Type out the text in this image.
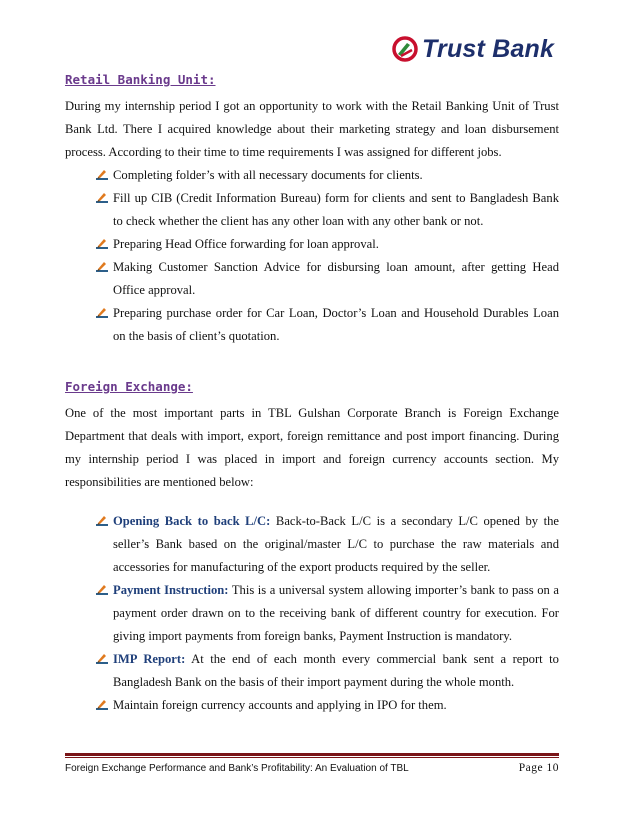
Trust Bank
Retail Banking Unit:
During my internship period I got an opportunity to work with the Retail Banking Unit of Trust Bank Ltd. There I acquired knowledge about their marketing strategy and loan disbursement process. According to their time to time requirements I was assigned for different jobs.
Completing folder’s with all necessary documents for clients.
Fill up CIB (Credit Information Bureau) form for clients and sent to Bangladesh Bank to check whether the client has any other loan with any other bank or not.
Preparing Head Office forwarding for loan approval.
Making Customer Sanction Advice for disbursing loan amount, after getting Head Office approval.
Preparing purchase order for Car Loan, Doctor’s Loan and Household Durables Loan on the basis of client’s quotation.
Foreign Exchange:
One of the most important parts in TBL Gulshan Corporate Branch is Foreign Exchange Department that deals with import, export, foreign remittance and post import financing. During my internship period I was placed in import and foreign currency accounts section. My responsibilities are mentioned below:
Opening Back to back L/C: Back-to-Back L/C is a secondary L/C opened by the seller’s Bank based on the original/master L/C to purchase the raw materials and accessories for manufacturing of the export products required by the seller.
Payment Instruction: This is a universal system allowing importer’s bank to pass on a payment order drawn on to the receiving bank of different country for execution. For giving import payments from foreign banks, Payment Instruction is mandatory.
IMP Report: At the end of each month every commercial bank sent a report to Bangladesh Bank on the basis of their import payment during the whole month.
Maintain foreign currency accounts and applying in IPO for them.
Foreign Exchange Performance and Bank’s Profitability: An Evaluation of TBL	Page 10
